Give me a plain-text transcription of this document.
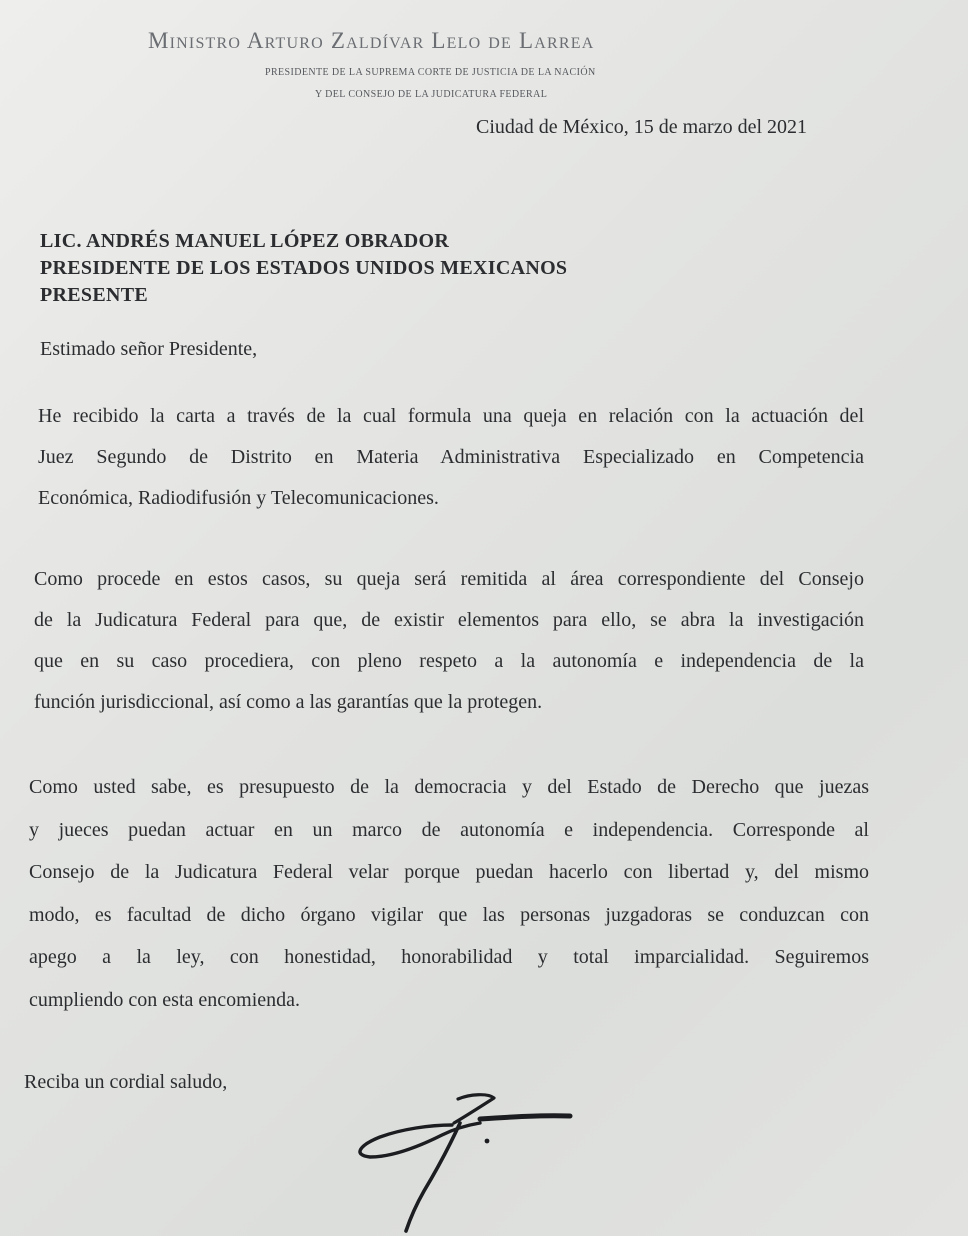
Ministro Arturo Zaldívar Lelo de Larrea
PRESIDENTE DE LA SUPREMA CORTE DE JUSTICIA DE LA NACIÓN
Y DEL CONSEJO DE LA JUDICATURA FEDERAL
Ciudad de México, 15 de marzo del 2021
LIC. ANDRÉS MANUEL LÓPEZ OBRADOR
PRESIDENTE DE LOS ESTADOS UNIDOS MEXICANOS
PRESENTE
Estimado señor Presidente,
He recibido la carta a través de la cual formula una queja en relación con la actuación del
Juez Segundo de Distrito en Materia Administrativa Especializado en Competencia
Económica, Radiodifusión y Telecomunicaciones.
Como procede en estos casos, su queja será remitida al área correspondiente del Consejo
de la Judicatura Federal para que, de existir elementos para ello, se abra la investigación
que en su caso procediera, con pleno respeto a la autonomía e independencia de la
función jurisdiccional, así como a las garantías que la protegen.
Como usted sabe, es presupuesto de la democracia y del Estado de Derecho que juezas
y jueces puedan actuar en un marco de autonomía e independencia. Corresponde al
Consejo de la Judicatura Federal velar porque puedan hacerlo con libertad y, del mismo
modo, es facultad de dicho órgano vigilar que las personas juzgadoras se conduzcan con
apego a la ley, con honestidad, honorabilidad y total imparcialidad. Seguiremos
cumpliendo con esta encomienda.
Reciba un cordial saludo,
